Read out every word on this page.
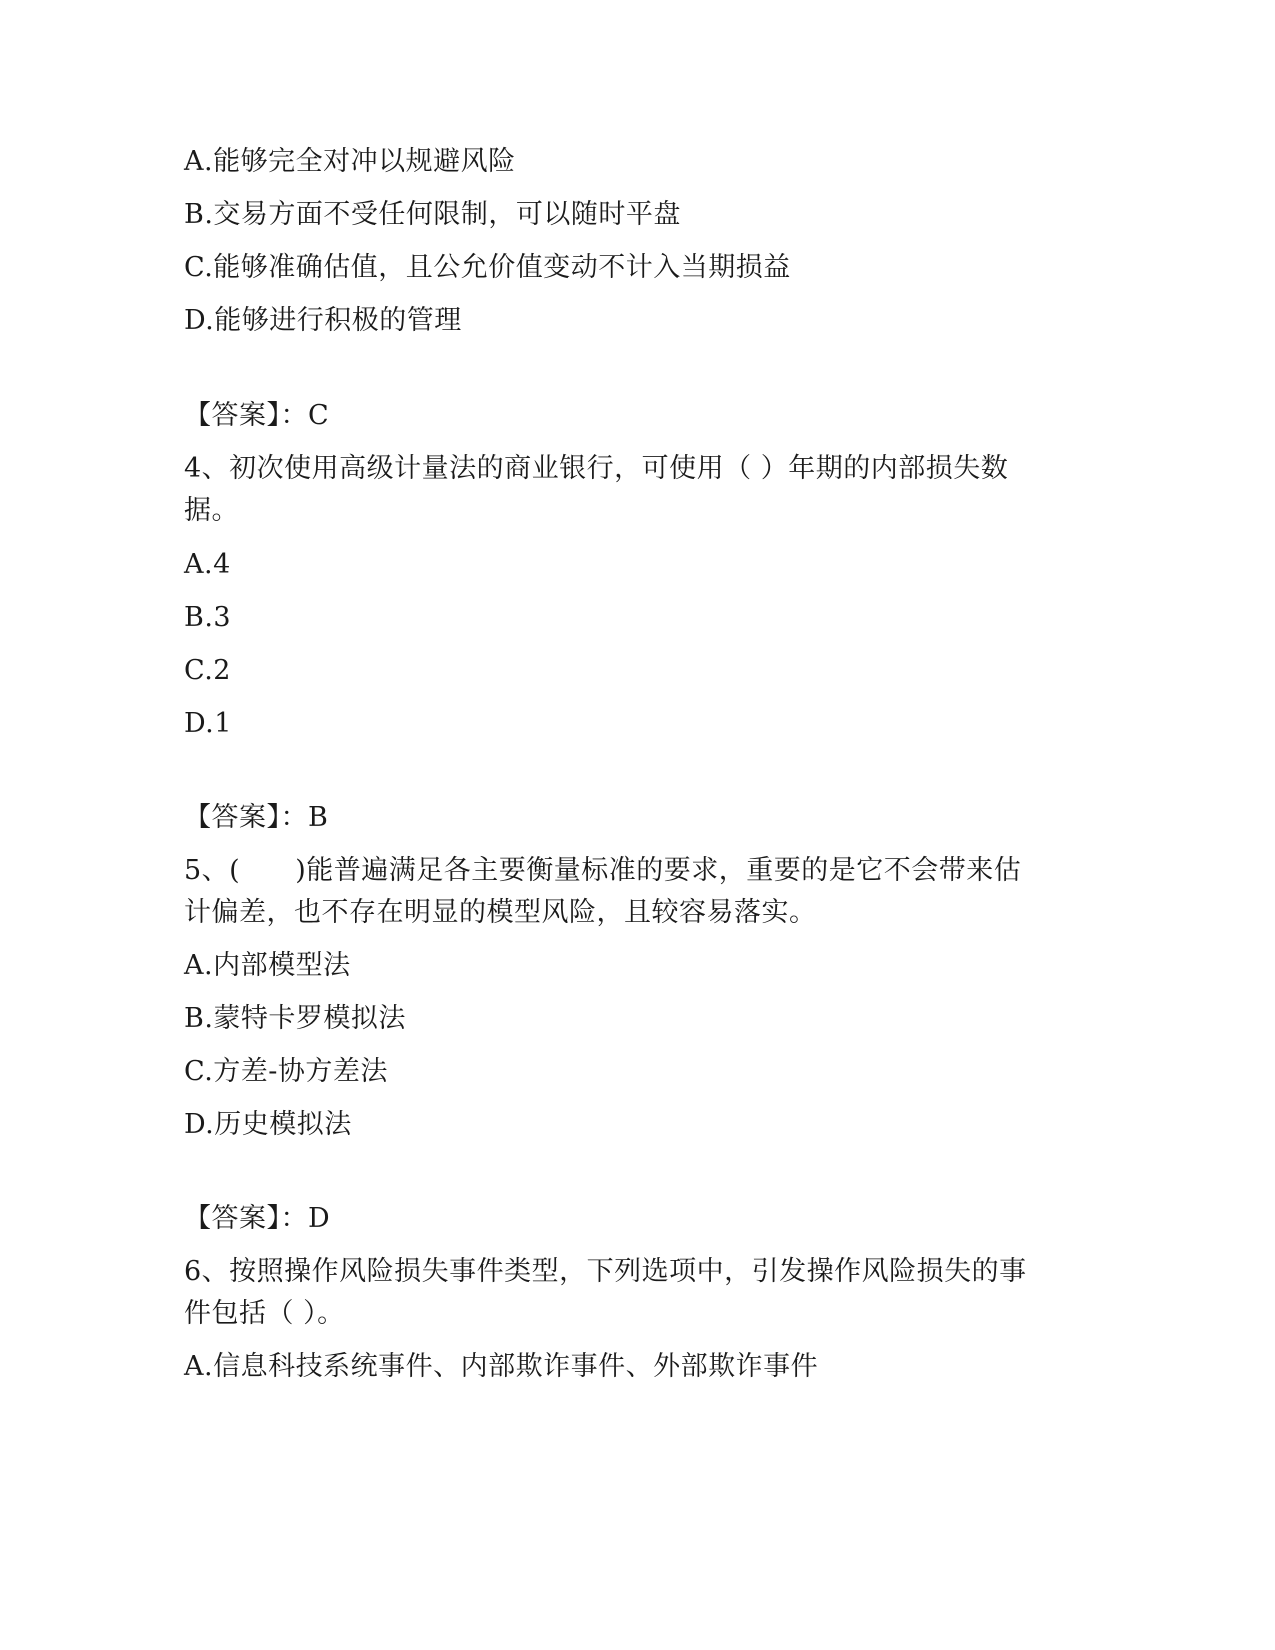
A.能够完全对冲以规避风险
B.交易方面不受任何限制，可以随时平盘
C.能够准确估值，且公允价值变动不计入当期损益
D.能够进行积极的管理
【答案】：C
4、初次使用高级计量法的商业银行，可使用（ ）年期的内部损失数
据。
A.4
B.3
C.2
D.1
【答案】：B
5、(　　)能普遍满足各主要衡量标准的要求，重要的是它不会带来估
计偏差，也不存在明显的模型风险，且较容易落实。
A.内部模型法
B.蒙特卡罗模拟法
C.方差-协方差法
D.历史模拟法
【答案】：D
6、按照操作风险损失事件类型，下列选项中，引发操作风险损失的事
件包括（ ）。
A.信息科技系统事件、内部欺诈事件、外部欺诈事件
